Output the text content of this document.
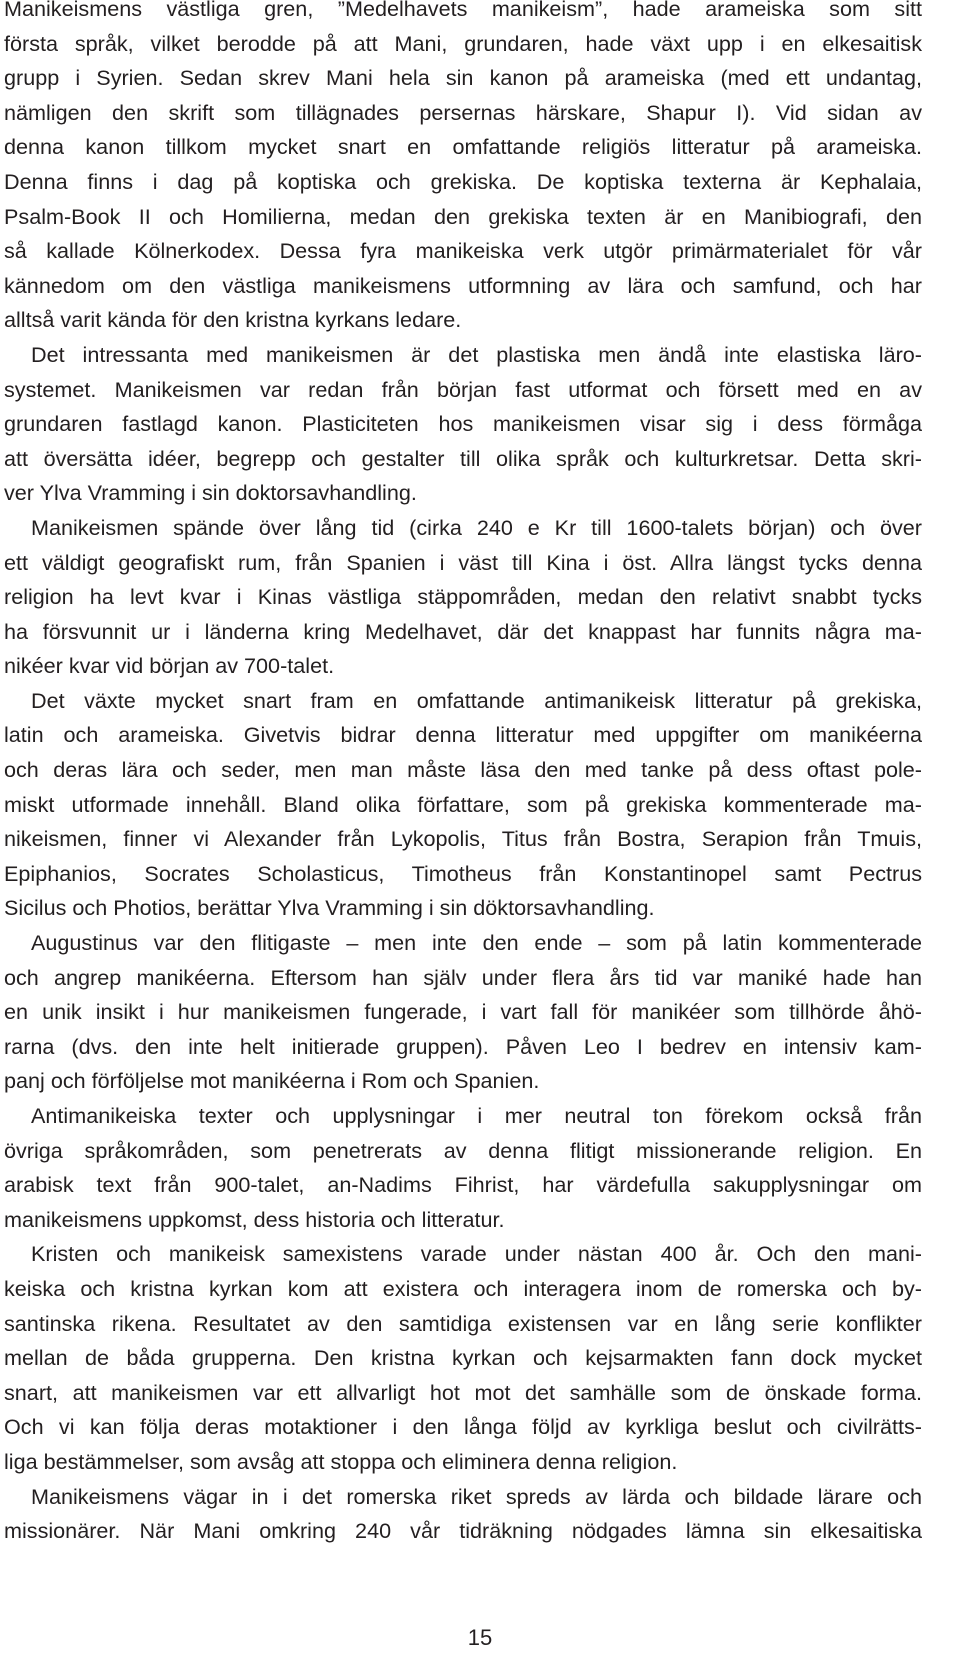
Manikeismens västliga gren, ”Medelhavets manikeism”, hade arameiska som sitt
första språk, vilket berodde på att Mani, grundaren, hade växt upp i en elkesaitisk
grupp i Syrien. Sedan skrev Mani hela sin kanon på arameiska (med ett undantag,
nämligen den skrift som tillägnades persernas härskare, Shapur I). Vid sidan av
denna kanon tillkom mycket snart en omfattande religiös litteratur på arameiska.
Denna finns i dag på koptiska och grekiska. De koptiska texterna är Kephalaia,
Psalm-Book II och Homilierna, medan den grekiska texten är en Manibiografi, den
så kallade Kölnerkodex. Dessa fyra manikeiska verk utgör primärmaterialet för vår
kännedom om den västliga manikeismens utformning av lära och samfund, och har
alltså varit kända för den kristna kyrkans ledare.
Det intressanta med manikeismen är det plastiska men ändå inte elastiska läro-
systemet. Manikeismen var redan från början fast utformat och försett med en av
grundaren fastlagd kanon. Plasticiteten hos manikeismen visar sig i dess förmåga
att översätta idéer, begrepp och gestalter till olika språk och kulturkretsar. Detta skri-
ver Ylva Vramming i sin doktorsavhandling.
Manikeismen spände över lång tid (cirka 240 e Kr till 1600-talets början) och över
ett väldigt geografiskt rum, från Spanien i väst till Kina i öst. Allra längst tycks denna
religion ha levt kvar i Kinas västliga stäppområden, medan den relativt snabbt tycks
ha försvunnit ur i länderna kring Medelhavet, där det knappast har funnits några ma-
nikéer kvar vid början av 700-talet.
Det växte mycket snart fram en omfattande antimanikeisk litteratur på grekiska,
latin och arameiska. Givetvis bidrar denna litteratur med uppgifter om manikéerna
och deras lära och seder, men man måste läsa den med tanke på dess oftast pole-
miskt utformade innehåll. Bland olika författare, som på grekiska kommenterade ma-
nikeismen, finner vi Alexander från Lykopolis, Titus från Bostra, Serapion från Tmuis,
Epiphanios, Socrates Scholasticus, Timotheus från Konstantinopel samt Pectrus
Sicilus och Photios, berättar Ylva Vramming i sin döktorsavhandling.
Augustinus var den flitigaste – men inte den ende – som på latin kommenterade
och angrep manikéerna. Eftersom han själv under flera års tid var maniké hade han
en unik insikt i hur manikeismen fungerade, i vart fall för manikéer som tillhörde åhö-
rarna (dvs. den inte helt initierade gruppen). Påven Leo I bedrev en intensiv kam-
panj och förföljelse mot manikéerna i Rom och Spanien.
Antimanikeiska texter och upplysningar i mer neutral ton förekom också från
övriga språkområden, som penetrerats av denna flitigt missionerande religion. En
arabisk text från 900-talet, an-Nadims Fihrist, har värdefulla sakupplysningar om
manikeismens uppkomst, dess historia och litteratur.
Kristen och manikeisk samexistens varade under nästan 400 år. Och den mani-
keiska och kristna kyrkan kom att existera och interagera inom de romerska och by-
santinska rikena. Resultatet av den samtidiga existensen var en lång serie konflikter
mellan de båda grupperna. Den kristna kyrkan och kejsarmakten fann dock mycket
snart, att manikeismen var ett allvarligt hot mot det samhälle som de önskade forma.
Och vi kan följa deras motaktioner i den långa följd av kyrkliga beslut och civilrätts-
liga bestämmelser, som avsåg att stoppa och eliminera denna religion.
Manikeismens vägar in i det romerska riket spreds av lärda och bildade lärare och
missionärer. När Mani omkring 240 vår tidräkning nödgades lämna sin elkesaitiska
15
